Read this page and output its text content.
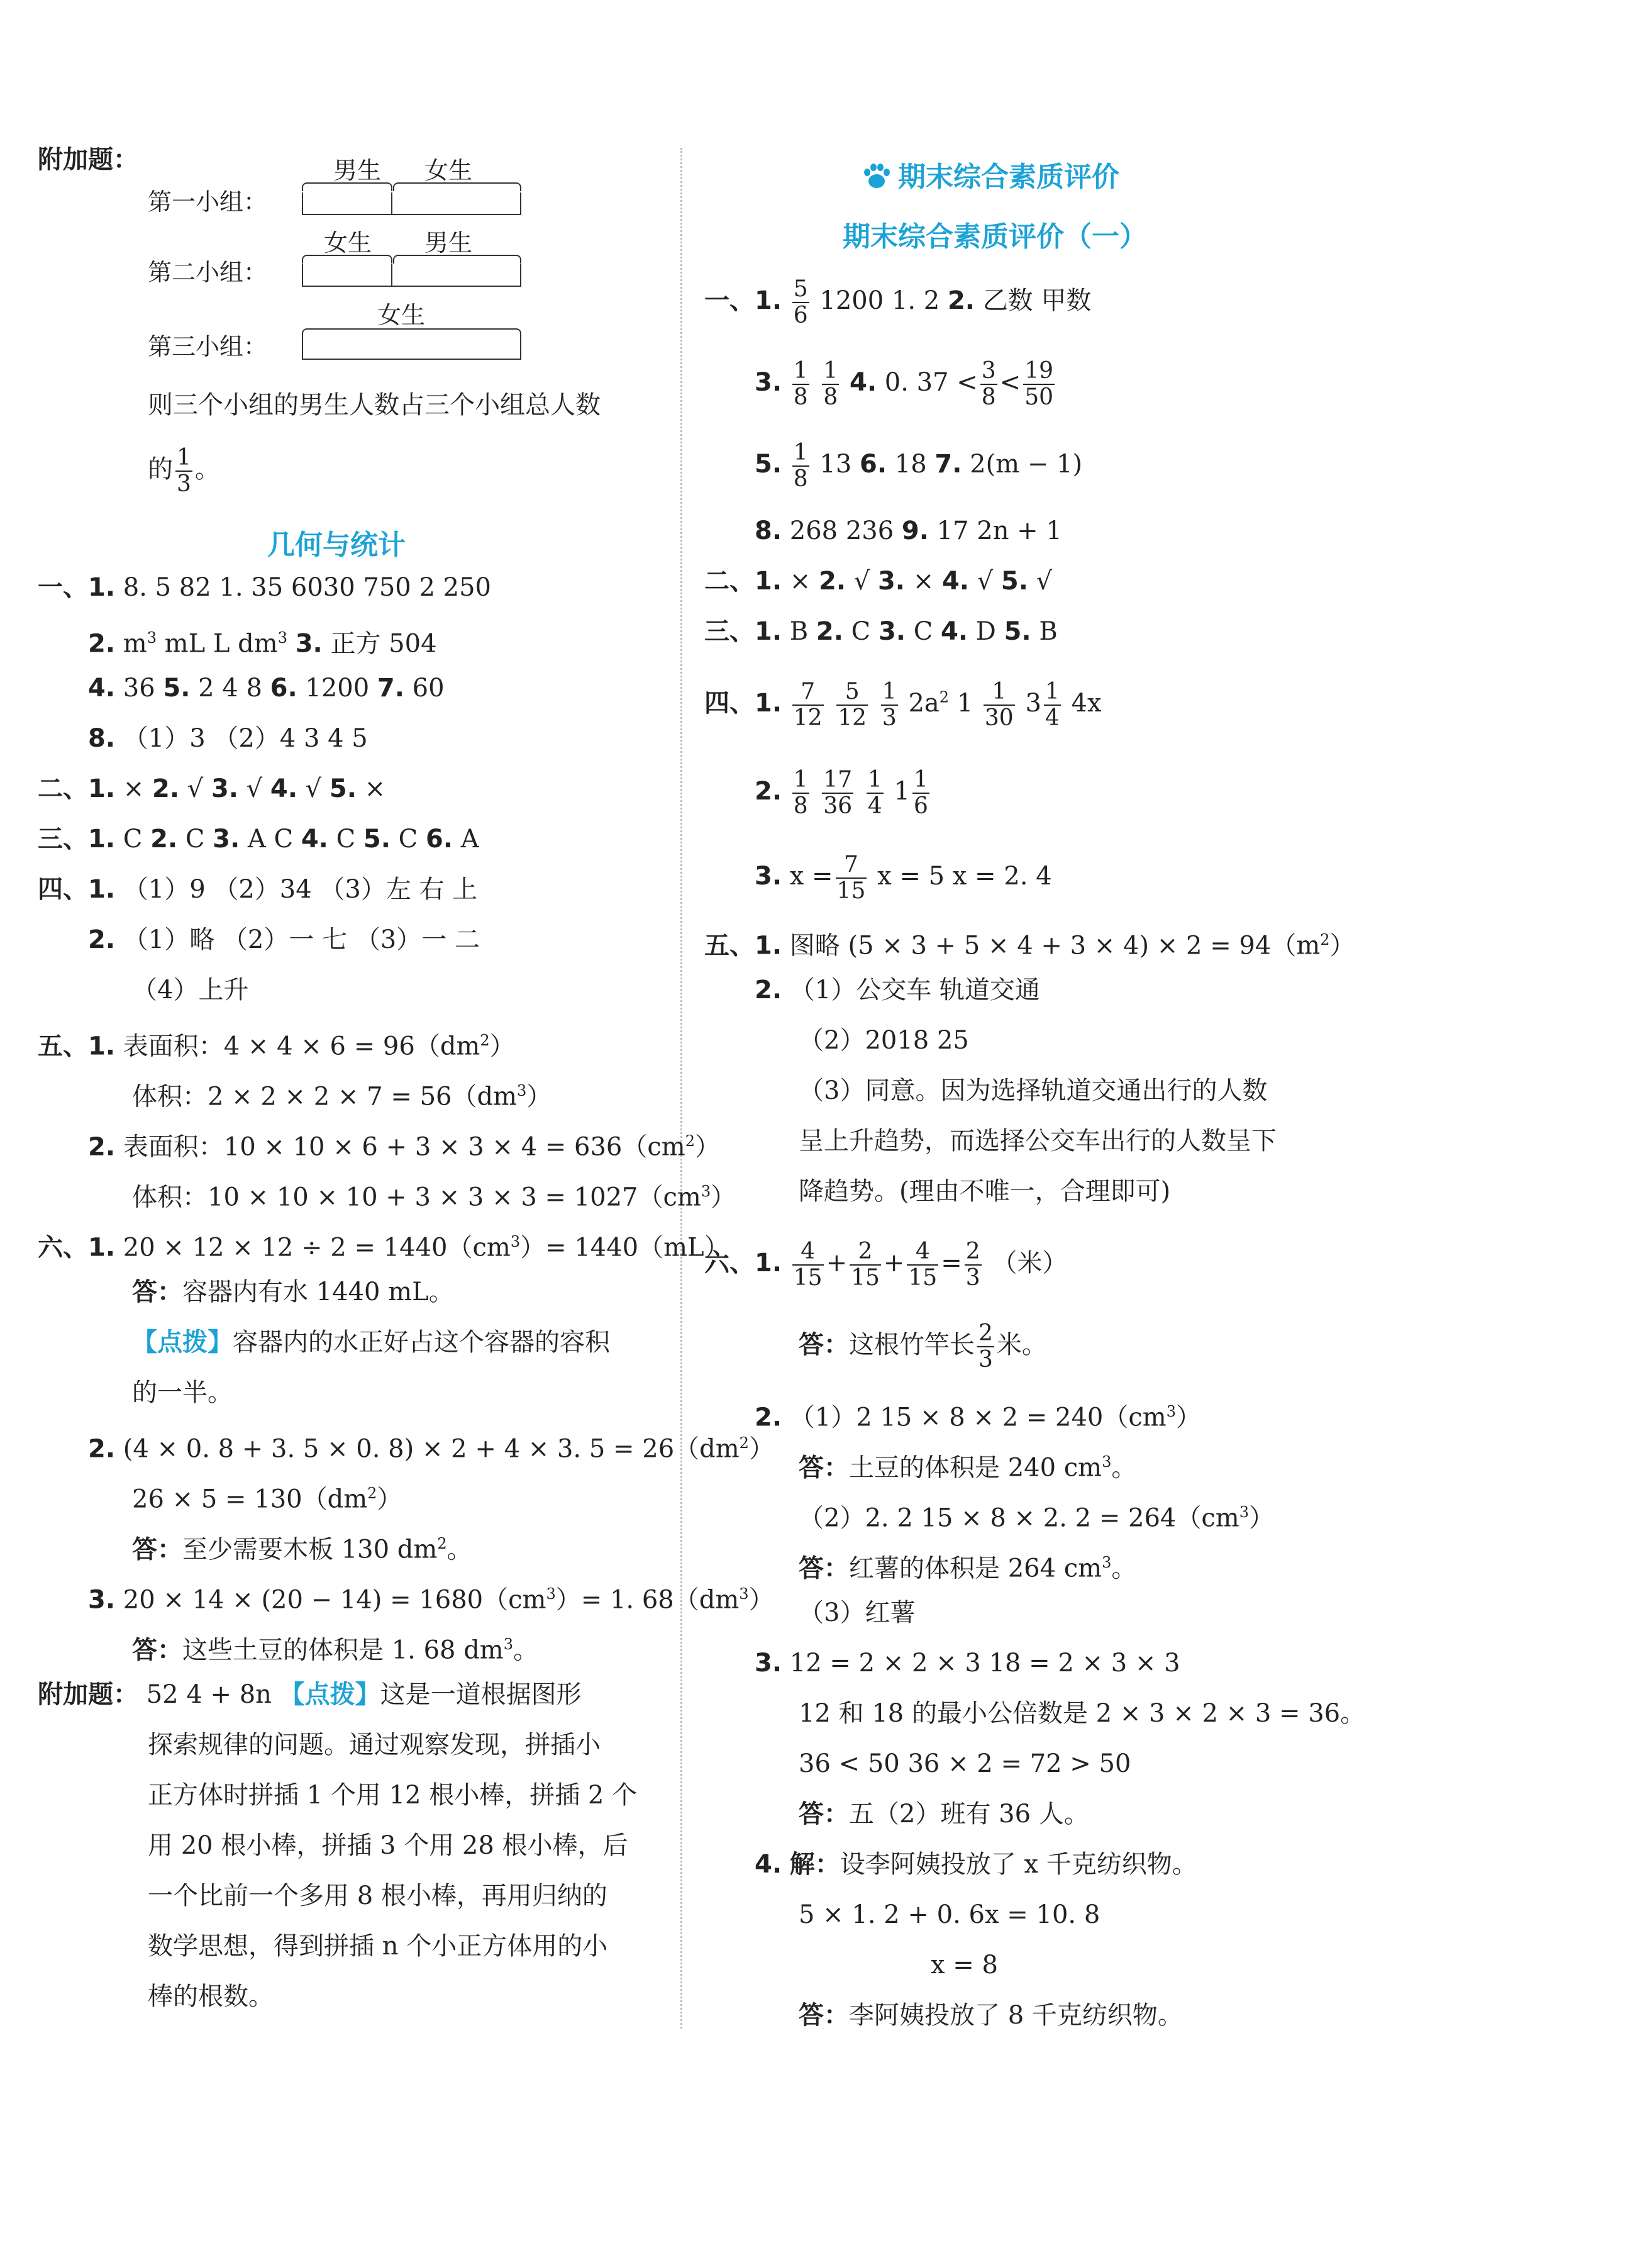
附加题：
第一小组：
男生 女生
第二小组：
女生 男生
第三小组：
女生
则三个小组的男生人数占三个小组总人数
的 $\frac{1}{3}$ 。
几何与统计
一、1. 8. 5 82 1. 35 6030 750 2 250
2. $m^3$ mL L $dm^3$ 3. 正方 504
4. 36 5. 2 4 8 6. 1200 7. 60
8. （1）3 （2）4 3 4 5
二、1. × 2. √ 3. √ 4. √ 5. ×
三、1. C 2. C 3. A C 4. C 5. C 6. A
四、1. （1）9 （2）34 （3）左 右 上
2. （1）略 （2）一 七 （3）一 二
（4）上升
五、1. 表面积：$4 \times 4 \times 6 = 96(dm^2)$
体积：$2 \times 2 \times 2 \times 7 = 56(dm^3)$
2. 表面积：$10 \times 10 \times 6 + 3 \times 3 \times 4 = 636(cm^2)$
体积：$10 \times 10 \times 10 + 3 \times 3 \times 3 = 1027(cm^3)$
六、1. $20 \times 12 \times 12 \div 2 = 1440(cm^3)= 1440(mL)$
答：容器内有水 1440 mL。
【点拨】容器内的水正好占这个容器的容积
的一半。
2. (4 × 0. 8 + 3. 5 × 0. 8) × 2 + 4 × 3. $5 = 26(dm^2)$
$26 \times 5 = 130(dm^2)$
答：至少需要木板 130 $dm^2$。
3. $20 \times 14 \times (20 - 14) = 1680(cm^3)= 1$. $68(dm^3)$
答：这些土豆的体积是 1. 68 $dm^3$。
附加题： 52 4 + 8n 【点拨】这是一道根据图形
探索规律的问题。通过观察发现，拼插小
正方体时拼插 1 个用 12 根小棒，拼插 2 个
用 20 根小棒，拼插 3 个用 28 根小棒，后
一个比前一个多用 8 根小棒，再用归纳的
数学思想，得到拼插 n 个小正方体用的小
棒的根数。
期末综合素质评价
期末综合素质评价（一）
一、1. $\frac{5}{6} 1200$ 1. 2 2. 乙数 甲数
3. $\frac{1}{8}$
$\frac{1}{8} 4$. 0. $37 < \frac{3}{8} < \frac{19}{50}$
5. $\frac{1}{8} 13$ 6. 18 7. 2(m − 1)
8. 268 236 9. 17 2n + 1
二、1. × 2. √ 3. × 4. √ 5. √
三、1. B 2. C 3. C 4. D 5. B
四、1. $\frac{7}{12}$
$\frac{5}{12}$
$\frac{1}{3} 2a^2$ $1 \frac{1}{30} 3 \frac{1}{4} 4x$
2. $\frac{1}{8}$
$\frac{17}{36}$
$\frac{1}{4} 1 \frac{1}{6}$
3. $x = \frac{7}{15}$ x = 5 x = 2. 4
五、1. 图略 $(5 \times 3 + 5 \times 4 + 3 \times 4) \times 2 = 94(m^2)$
2. （1）公交车 轨道交通
（2）2018 25
（3）同意。因为选择轨道交通出行的人数
呈上升趋势，而选择公交车出行的人数呈下
降趋势。(理由不唯一，合理即可)
六、1. $\frac{4}{15} + \frac{2}{15} + \frac{4}{15} = \frac{2}{3}$ （米）
答：这根竹竿长 $\frac{2}{3}$ 米。
2. （1）2 $15 \times 8 \times 2 = 240(cm^3)$
答：土豆的体积是 240 $cm^3$。
（2）2. 2 15 × 8 × 2. $2 = 264(cm^3)$
答：红薯的体积是 264 $cm^3$。
（3）红薯
3. 12 = 2 × 2 × 3 18 = 2 × 3 × 3
12 和 18 的最小公倍数是 2 × 3 × 2 × 3 = 36。
36 < 50 36 × 2 = 72 > 50
答：五（2）班有 36 人。
4. 解：设李阿姨投放了 x 千克纺织物。
5 × 1. 2 + 0. 6x = 10. 8
x = 8
答：李阿姨投放了 8 千克纺织物。
